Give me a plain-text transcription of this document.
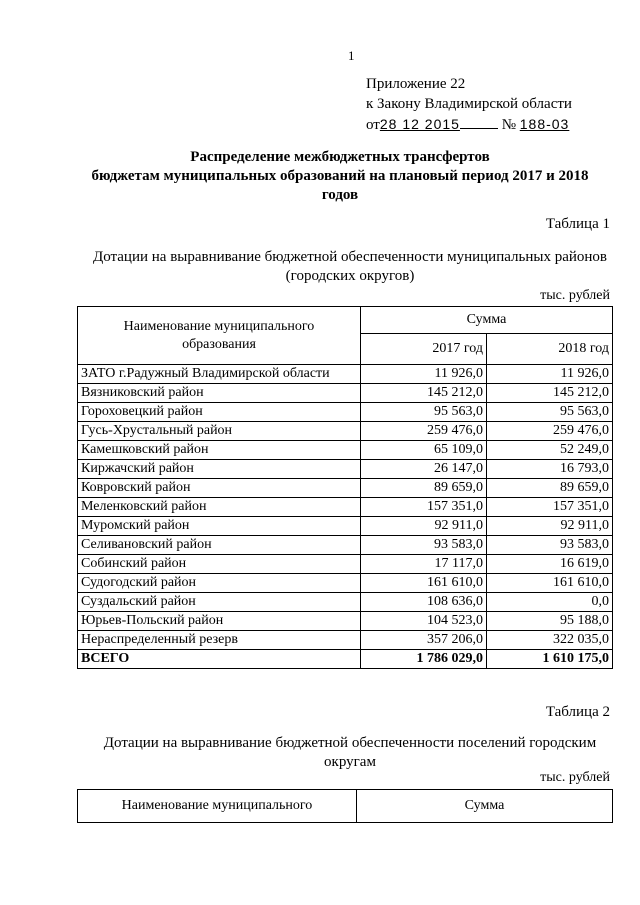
1
Приложение 22
к Закону Владимирской области
от28 12 2015	№ 188-03
Распределение межбюджетных трансфертов
бюджетам муниципальных образований на плановый период 2017 и 2018
годов
Таблица 1
Дотации на выравнивание бюджетной обеспеченности муниципальных районов
(городских округов)
тыс. рублей
Наименование муниципального
образования	Сумма	
	2017 год	2018 год
ЗАТО г.Радужный Владимирской области	11 926,0	11 926,0
Вязниковский район	145 212,0	145 212,0
Гороховецкий район	95 563,0	95 563,0
Гусь-Хрустальный район	259 476,0	259 476,0
Камешковский район	65 109,0	52 249,0
Киржачский район	26 147,0	16 793,0
Ковровский район	89 659,0	89 659,0
Меленковский район	157 351,0	157 351,0
Муромский район	92 911,0	92 911,0
Селивановский район	93 583,0	93 583,0
Собинский район	17 117,0	16 619,0
Судогодский район	161 610,0	161 610,0
Суздальский район	108 636,0	0,0
Юрьев-Польский район	104 523,0	95 188,0
Нераспределенный резерв	357 206,0	322 035,0
ВСЕГО	1 786 029,0	1 610 175,0
Таблица 2
Дотации на выравнивание бюджетной обеспеченности поселений городским
округам
тыс. рублей
Наименование муниципального	Сумма
